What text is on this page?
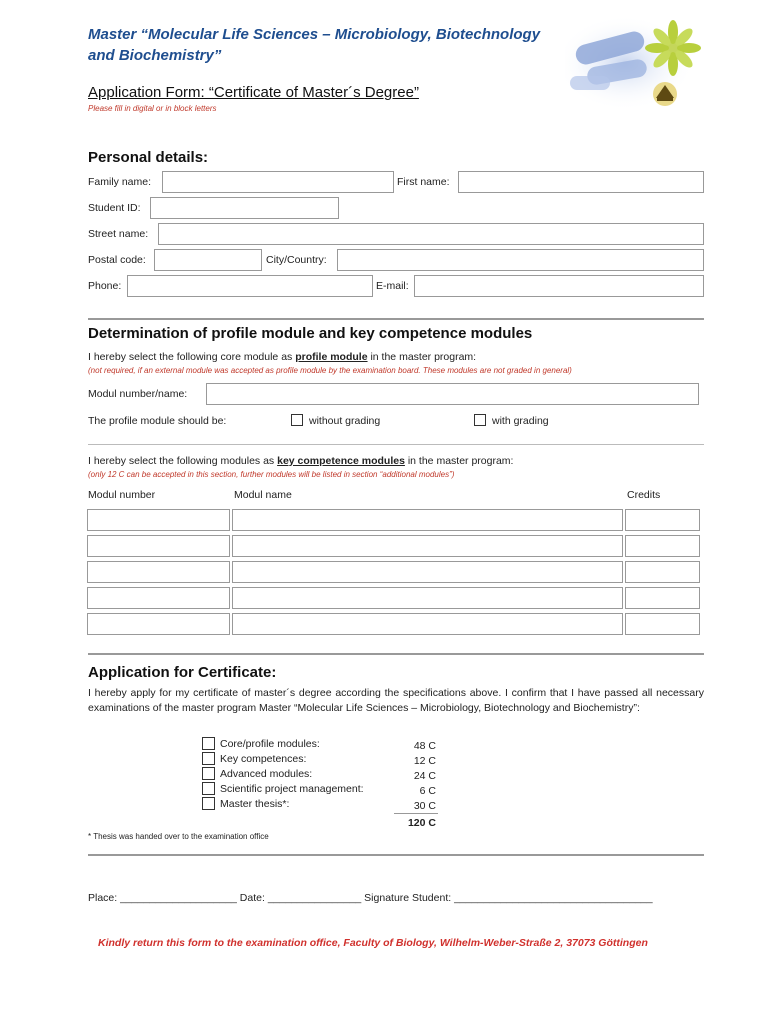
Master “Molecular Life Sciences – Microbiology, Biotechnology and Biochemistry”
Application Form: “Certificate of Master´s Degree”
Please fill in digital or in block letters
Personal details:
Family name:	First name:
Student ID:
Street name:
Postal code:	City/Country:
Phone:	E-mail:
Determination of profile module and key competence modules
I hereby select the following core module as profile module in the master program:
(not required, if an external module was accepted as profile module by the examination board. These modules are not graded in general)
Modul number/name:
The profile module should be:	without grading	with grading
I hereby select the following modules as key competence modules in the master program:
(only 12 C can be accepted in this section, further modules will be listed in section “additional modules”)
Modul number	Modul name	Credits
Application for Certificate:
I hereby apply for my certificate of master´s degree according the specifications above. I confirm that I have passed all necessary examinations of the master program Master “Molecular Life Sciences – Microbiology, Biotechnology and Biochemistry”:
Core/profile modules:	48 C
Key competences:	12 C
Advanced modules:	24 C
Scientific project management:	6 C
Master thesis*:	30 C
120 C
* Thesis was handed over to the examination office
Place: ____________________ Date: ________________ Signature Student: __________________________________
Kindly return this form to the examination office, Faculty of Biology, Wilhelm-Weber-Straße 2, 37073 Göttingen
